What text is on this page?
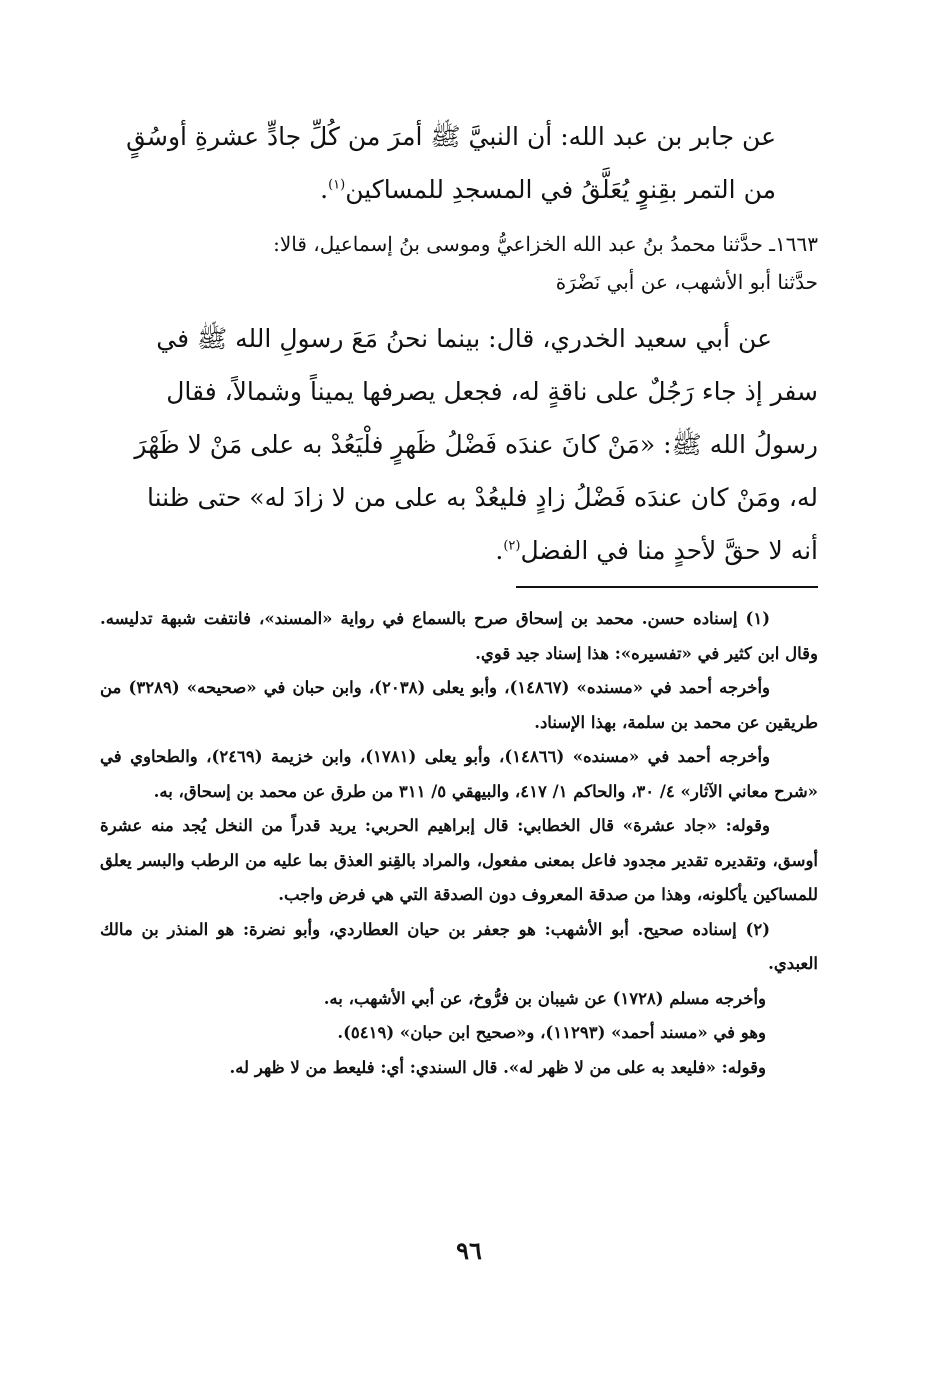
عن جابر بن عبد الله: أن النبيَّ ﷺ أمرَ من كُلِّ جادٍّ عشرةِ أوسُقٍ

من التمر بقِنوٍ يُعَلَّقُ في المسجدِ للمساكين$^{(١)}$.

١٦٦٣ـ حدَّثنا محمدُ بنُ عبد الله الخزاعيُّ وموسى بنُ إسماعيل، قالا:

حدَّثنا أبو الأشهب، عن أبي نَضْرَة

عن أبي سعيد الخدري، قال: بينما نحنُ مَعَ رسولِ الله ﷺ في

سفر إذ جاء رَجُلٌ على ناقةٍ له، فجعل يصرفها يميناً وشمالاً، فقال

رسولُ الله ﷺ: «مَنْ كانَ عندَه فَضْلُ ظَهرٍ فلْيَعُدْ به على مَنْ لا ظَهْرَ

له، ومَنْ كان عندَه فَضْلُ زادٍ فليعُدْ به على من لا زادَ له» حتى ظننا

أنه لا حقَّ لأحدٍ منا في الفضل$^{(٢)}$.

(١) إسناده حسن. محمد بن إسحاق صرح بالسماع في رواية «المسند»، فانتفت شبهة تدليسه. وقال ابن كثير في «تفسيره»: هذا إسناد جيد قوي.

وأخرجه أحمد في «مسنده» (١٤٨٦٧)، وأبو يعلى (٢٠٣٨)، وابن حبان في «صحيحه» (٣٢٨٩) من طريقين عن محمد بن سلمة، بهذا الإسناد.

وأخرجه أحمد في «مسنده» (١٤٨٦٦)، وأبو يعلى (١٧٨١)، وابن خزيمة (٢٤٦٩)، والطحاوي في «شرح معاني الآثار» ٤/ ٣٠، والحاكم ١/ ٤١٧، والبيهقي ٥/ ٣١١ من طرق عن محمد بن إسحاق، به.

وقوله: «جاد عشرة» قال الخطابي: قال إبراهيم الحربي: يريد قدراً من النخل يُجد منه عشرة أوسق، وتقديره تقدير مجدود فاعل بمعنى مفعول، والمراد بالقِنو العذق بما عليه من الرطب والبسر يعلق للمساكين يأكلونه، وهذا من صدقة المعروف دون الصدقة التي هي فرض واجب.

(٢) إسناده صحيح. أبو الأشهب: هو جعفر بن حيان العطاردي، وأبو نضرة: هو المنذر بن مالك العبدي.

وأخرجه مسلم (١٧٢٨) عن شيبان بن فرُّوخ، عن أبي الأشهب، به.

وهو في «مسند أحمد» (١١٢٩٣)، و«صحيح ابن حبان» (٥٤١٩).

وقوله: «فليعد به على من لا ظهر له». قال السندي: أي: فليعط من لا ظهر له.

٩٦
